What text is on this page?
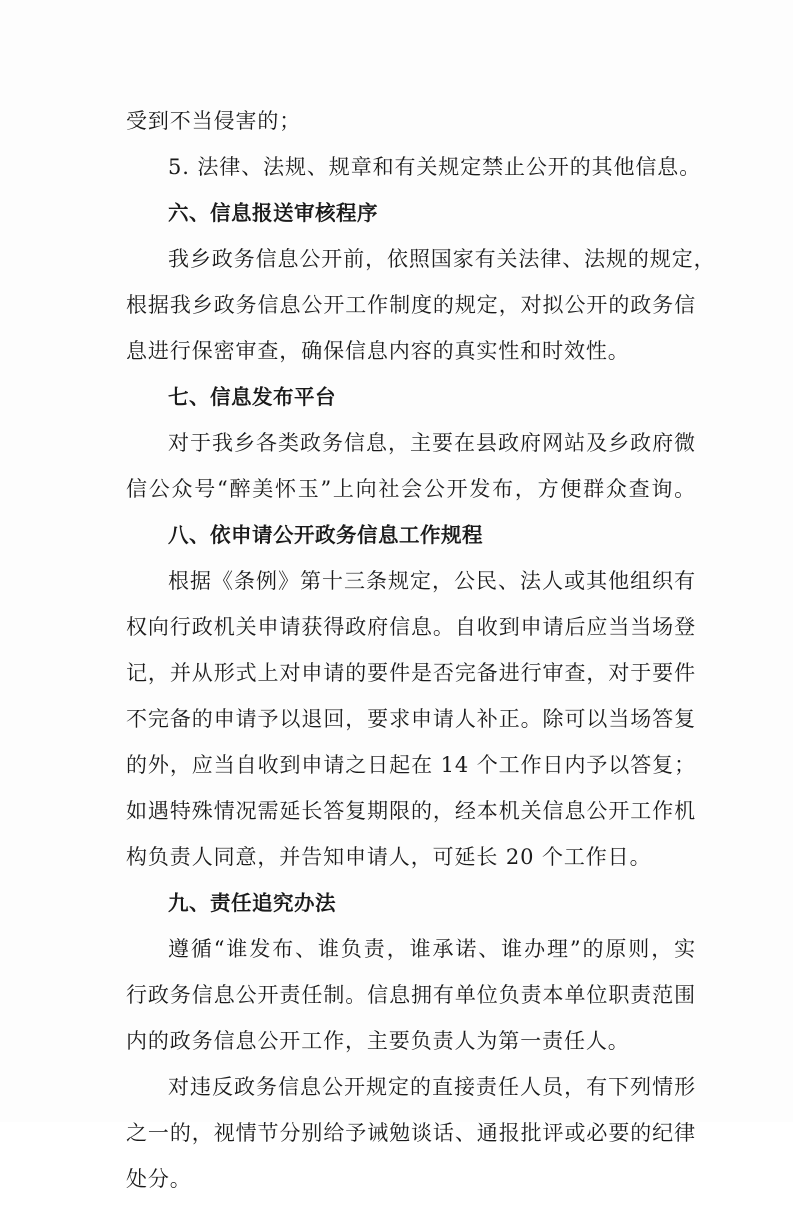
受到不当侵害的；
5. 法律、法规、规章和有关规定禁止公开的其他信息。
六、信息报送审核程序
我乡政务信息公开前，依照国家有关法律、法规的规定，
根据我乡政务信息公开工作制度的规定，对拟公开的政务信
息进行保密审查，确保信息内容的真实性和时效性。
七、信息发布平台
对于我乡各类政务信息，主要在县政府网站及乡政府微
信公众号“醉美怀玉”上向社会公开发布，方便群众查询。
八、依申请公开政务信息工作规程
根据《条例》第十三条规定，公民、法人或其他组织有
权向行政机关申请获得政府信息。自收到申请后应当当场登
记，并从形式上对申请的要件是否完备进行审查，对于要件
不完备的申请予以退回，要求申请人补正。除可以当场答复
的外，应当自收到申请之日起在 14 个工作日内予以答复；
如遇特殊情况需延长答复期限的，经本机关信息公开工作机
构负责人同意，并告知申请人，可延长 20 个工作日。
九、责任追究办法
遵循“谁发布、谁负责，谁承诺、谁办理”的原则，实
行政务信息公开责任制。信息拥有单位负责本单位职责范围
内的政务信息公开工作，主要负责人为第一责任人。
对违反政务信息公开规定的直接责任人员，有下列情形
之一的，视情节分别给予诫勉谈话、通报批评或必要的纪律
处分。
